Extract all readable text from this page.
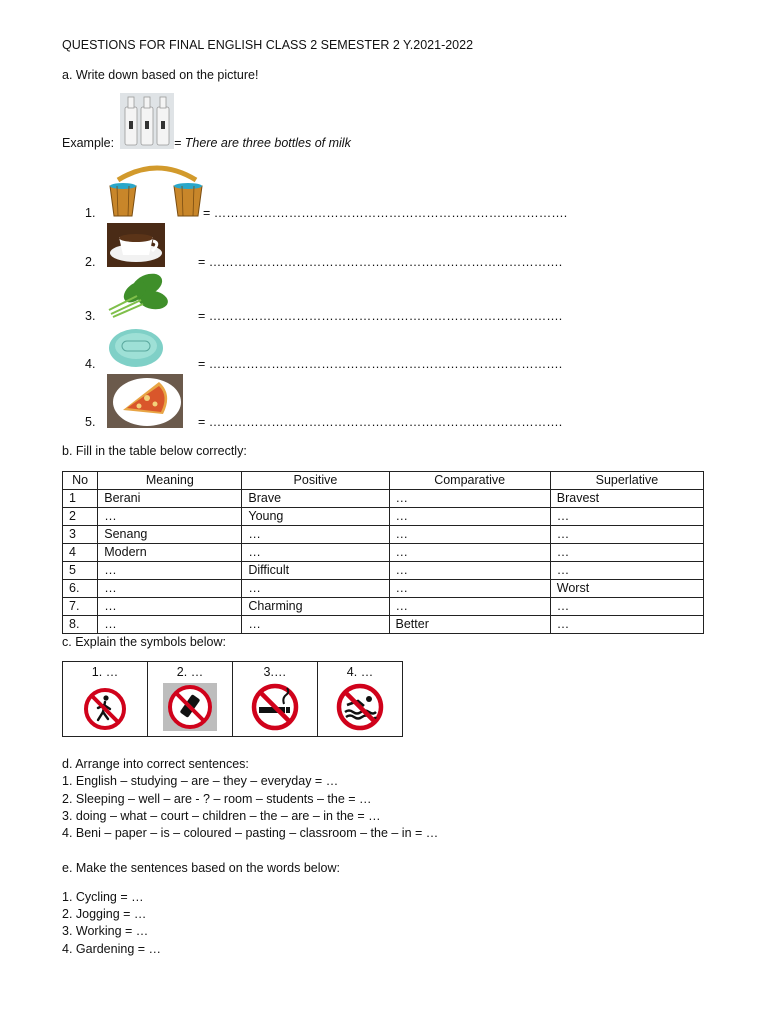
QUESTIONS FOR FINAL ENGLISH CLASS 2 SEMESTER 2 Y.2021-2022
a. Write down based on the picture!
Example:	= There are three bottles of milk
1.	= ………………………………………………………………………….
2.	= ………………………………………………………………………….
3.	= ………………………………………………………………………….
4.	= ………………………………………………………………………….
5.	= ………………………………………………………………………….
b. Fill in the table below correctly:
No	Meaning	Positive	Comparative	Superlative
1	Berani	Brave	…	Bravest
2	…	Young	…	…
3	Senang	…	…	…
4	Modern	…	…	…
5	…	Difficult	…	…
6.	…	…	…	Worst
7.	…	Charming	…	…
8.	…	…	Better	…
c. Explain the symbols below:
1. …	2. …	3.…	4. …
d. Arrange into correct sentences:
1. English – studying – are – they – everyday = …
2. Sleeping – well – are - ? – room – students – the = …
3. doing – what – court – children – the – are – in the = …
4. Beni – paper – is – coloured – pasting – classroom – the – in = …
e. Make the sentences based on the words below:
1. Cycling = …
2. Jogging = …
3. Working = …
4. Gardening = …
